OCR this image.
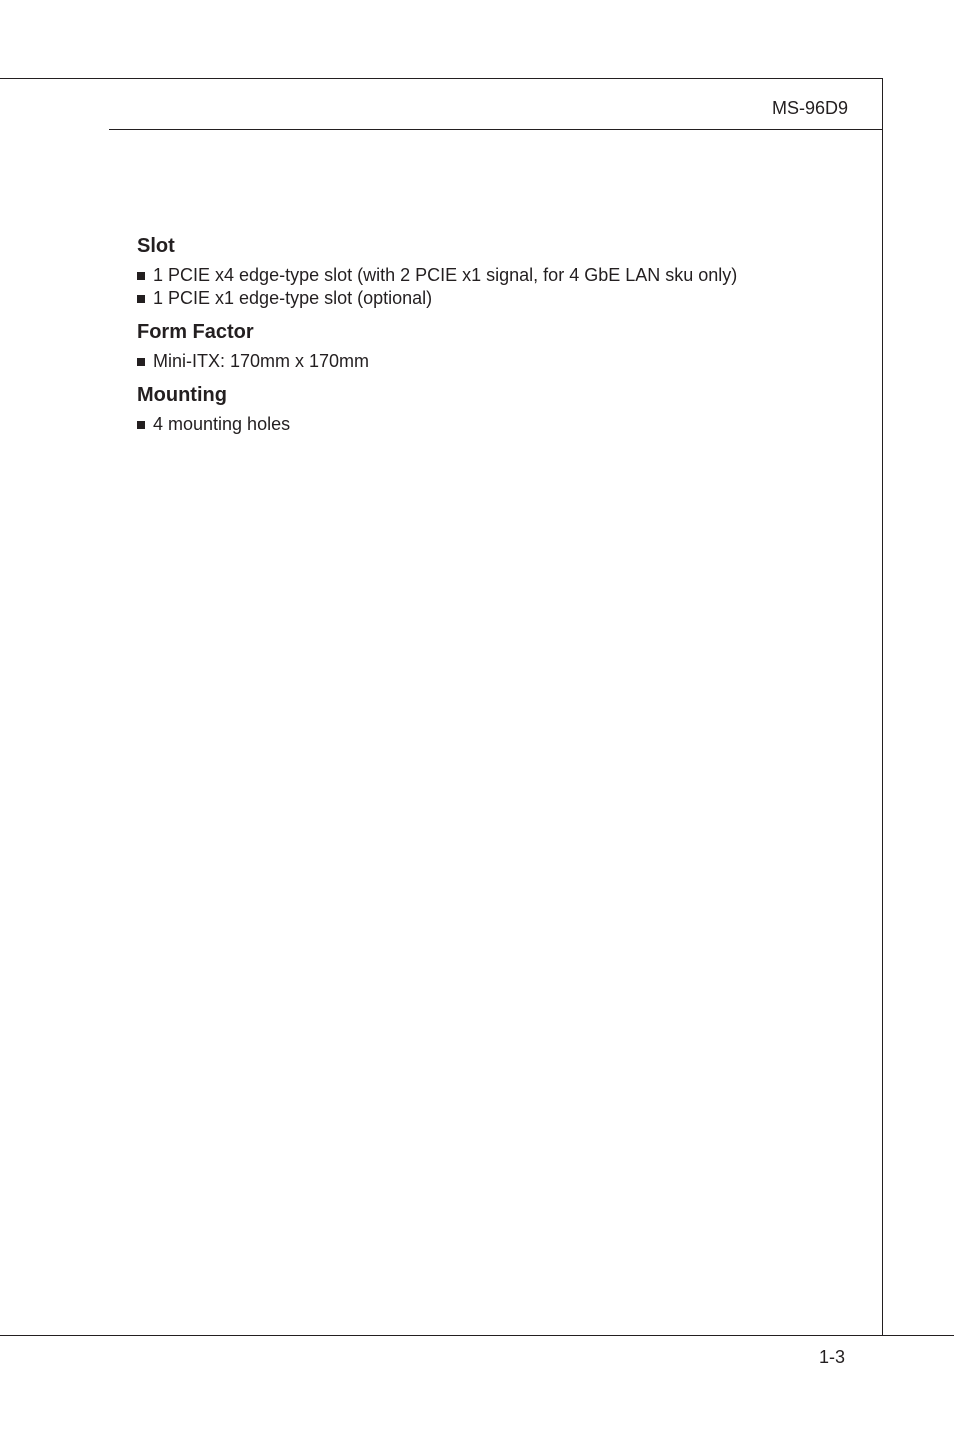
MS-96D9
Slot
1 PCIE x4 edge-type slot (with 2 PCIE x1 signal, for 4 GbE LAN sku only)
1 PCIE x1 edge-type slot (optional)
Form Factor
Mini-ITX: 170mm x 170mm
Mounting
4 mounting holes
1-3
